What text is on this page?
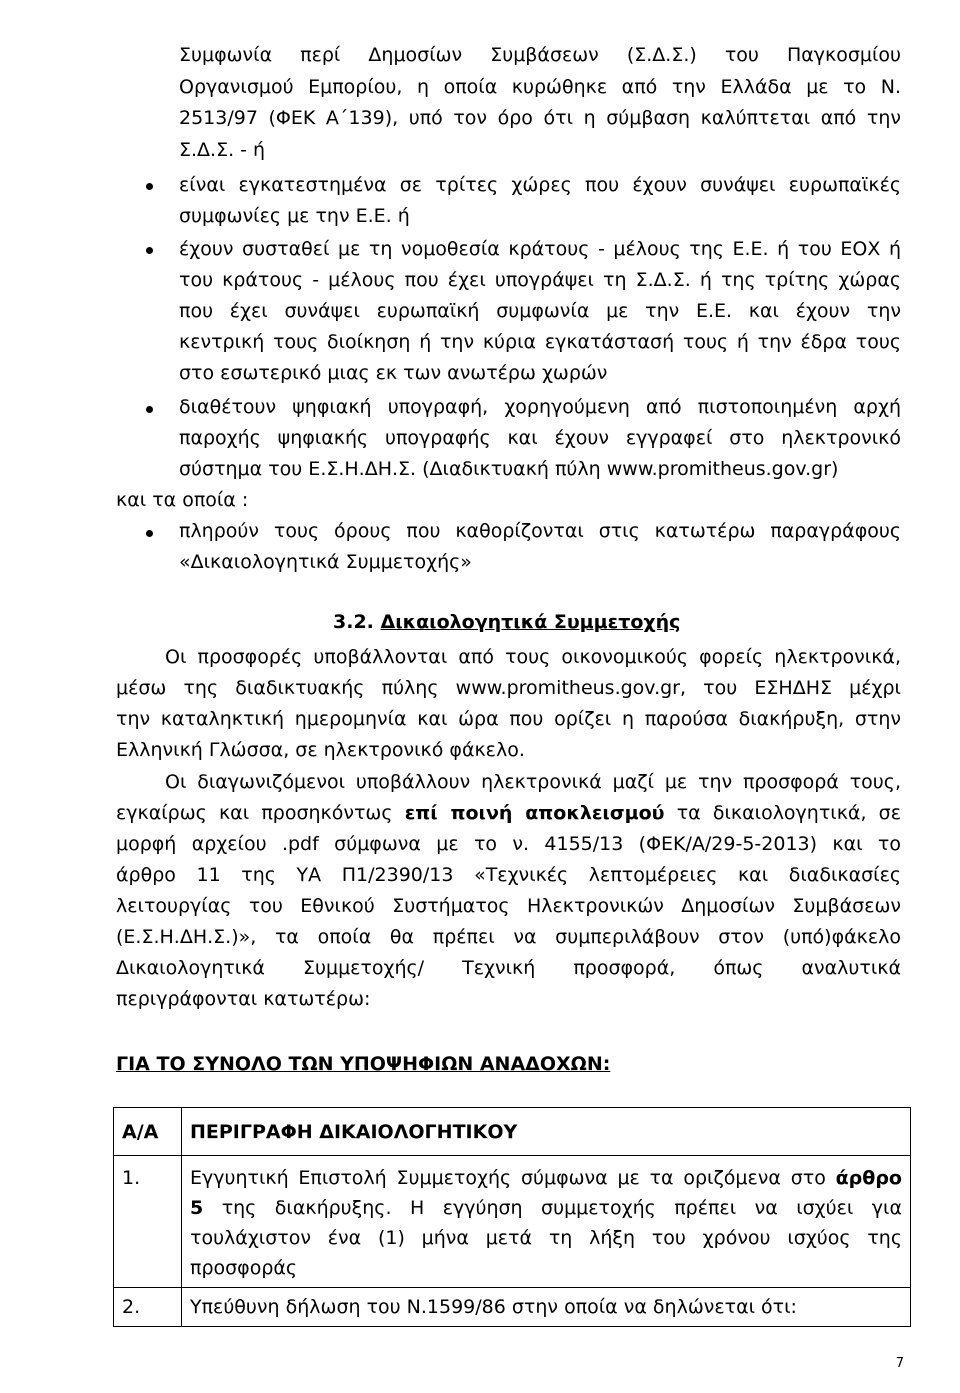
Συμφωνία περί Δημοσίων Συμβάσεων (Σ.Δ.Σ.) του Παγκοσμίου
Οργανισμού Εμπορίου, η οποία κυρώθηκε από την Ελλάδα με το Ν.
2513/97 (ΦΕΚ Α΄139), υπό τον όρο ότι η σύμβαση καλύπτεται από την
Σ.Δ.Σ. - ή
είναι εγκατεστημένα σε τρίτες χώρες που έχουν συνάψει ευρωπαϊκές
συμφωνίες με την Ε.Ε. ή
έχουν συσταθεί με τη νομοθεσία κράτους - μέλους της Ε.Ε. ή του ΕΟΧ ή
του κράτους - μέλους που έχει υπογράψει τη Σ.Δ.Σ. ή της τρίτης χώρας
που έχει συνάψει ευρωπαϊκή συμφωνία με την Ε.Ε. και έχουν την
κεντρική τους διοίκηση ή την κύρια εγκατάστασή τους ή την έδρα τους
στο εσωτερικό μιας εκ των ανωτέρω χωρών
διαθέτουν ψηφιακή υπογραφή, χορηγούμενη από πιστοποιημένη αρχή
παροχής ψηφιακής υπογραφής και έχουν εγγραφεί στο ηλεκτρονικό
σύστημα του Ε.Σ.Η.ΔΗ.Σ. (Διαδικτυακή πύλη www.promitheus.gov.gr)
και τα οποία :
πληρούν τους όρους που καθορίζονται στις κατωτέρω παραγράφους
«Δικαιολογητικά Συμμετοχής»
3.2. Δικαιολογητικά Συμμετοχής
Οι προσφορές υποβάλλονται από τους οικονομικούς φορείς ηλεκτρονικά,
μέσω της διαδικτυακής πύλης www.promitheus.gov.gr, του ΕΣΗΔΗΣ μέχρι
την καταληκτική ημερομηνία και ώρα που ορίζει η παρούσα διακήρυξη, στην
Ελληνική Γλώσσα, σε ηλεκτρονικό φάκελο.
Οι διαγωνιζόμενοι υποβάλλουν ηλεκτρονικά μαζί με την προσφορά τους,
εγκαίρως και προσηκόντως επί ποινή αποκλεισμού τα δικαιολογητικά, σε
μορφή αρχείου .pdf σύμφωνα με το ν. 4155/13 (ΦΕΚ/Α/29-5-2013) και το
άρθρο 11 της ΥΑ Π1/2390/13 «Τεχνικές λεπτομέρειες και διαδικασίες
λειτουργίας του Εθνικού Συστήματος Ηλεκτρονικών Δημοσίων Συμβάσεων
(Ε.Σ.Η.ΔΗ.Σ.)», τα οποία θα πρέπει να συμπεριλάβουν στον (υπό)φάκελο
Δικαιολογητικά Συμμετοχής/ Τεχνική προσφορά, όπως αναλυτικά
περιγράφονται κατωτέρω:
ΓΙΑ ΤΟ ΣΥΝΟΛΟ ΤΩΝ ΥΠΟΨΗΦΙΩΝ ΑΝΑΔΟΧΩΝ:
Α/Α	ΠΕΡΙΓΡΑΦΗ ΔΙΚΑΙΟΛΟΓΗΤΙΚΟΥ
1.	Εγγυητική Επιστολή Συμμετοχής σύμφωνα με τα οριζόμενα στο άρθρο
5 της διακήρυξης. Η εγγύηση συμμετοχής πρέπει να ισχύει για
τουλάχιστον ένα (1) μήνα μετά τη λήξη του χρόνου ισχύος της
προσφοράς

2.	Υπεύθυνη δήλωση του Ν.1599/86 στην οποία να δηλώνεται ότι:
7
